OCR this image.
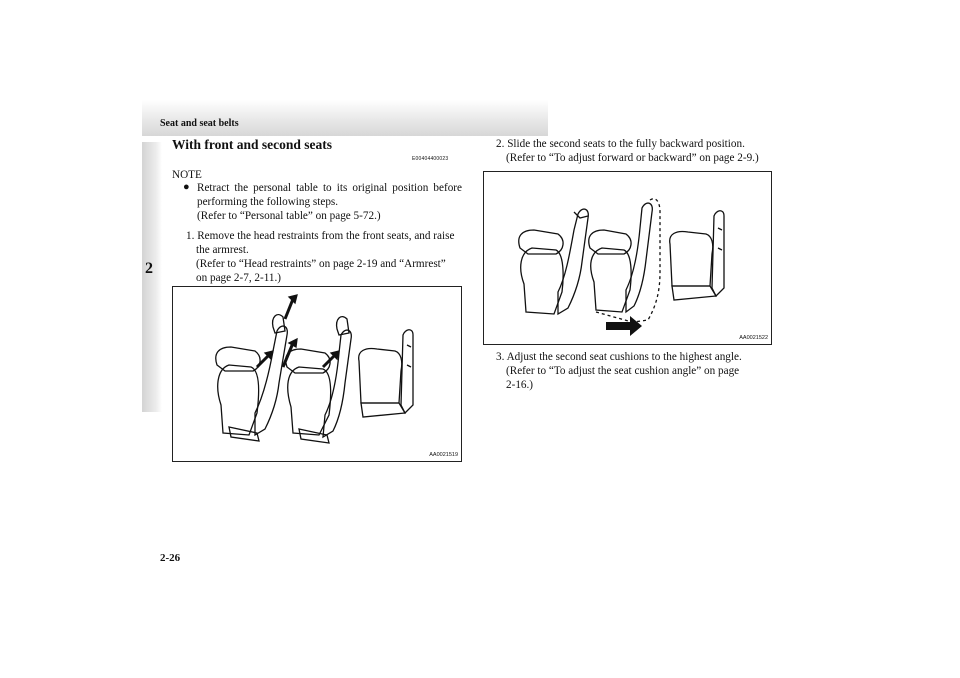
Seat and seat belts
2
With front and second seats
E00404400023
NOTE
● Retract the personal table to its original position before performing the following steps.
(Refer to “Personal table” on page 5-72.)
1. Remove the head restraints from the front seats, and raise
the armrest.
(Refer to “Head restraints” on page 2-19 and “Armrest”
on page 2-7, 2-11.)
AA0021519
2. Slide the second seats to the fully backward position.
(Refer to “To adjust forward or backward” on page 2-9.)
AA0021522
3. Adjust the second seat cushions to the highest angle.
(Refer to “To adjust the seat cushion angle” on page
2-16.)
2-26
